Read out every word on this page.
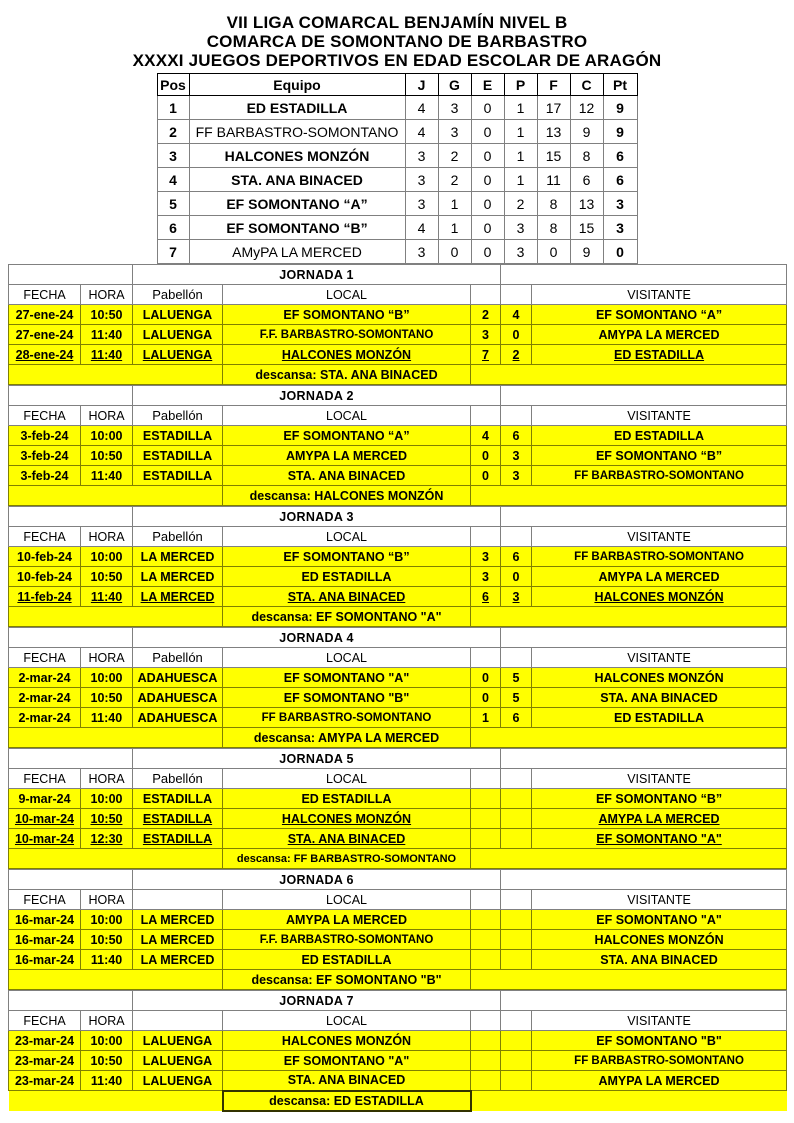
VII LIGA COMARCAL BENJAMÍN NIVEL B
COMARCA DE SOMONTANO DE BARBASTRO
XXXXI JUEGOS DEPORTIVOS EN EDAD ESCOLAR DE ARAGÓN
Pos	Equipo	J	G	E	P	F	C	Pt
1	ED ESTADILLA	4	3	0	1	17	12	9
2	FF BARBASTRO-SOMONTANO	4	3	0	1	13	9	9
3	HALCONES MONZÓN	3	2	0	1	15	8	6
4	STA. ANA BINACED	3	2	0	1	11	6	6
5	EF SOMONTANO “A”	3	1	0	2	8	13	3
6	EF SOMONTANO “B”	4	1	0	3	8	15	3
7	AMyPA LA MERCED	3	0	0	3	0	9	0
		JORNADA 1				
FECHA	HORA	Pabellón	LOCAL			VISITANTE
27-ene-24	10:50	LALUENGA	EF SOMONTANO “B”	2	4	EF SOMONTANO “A”
27-ene-24	11:40	LALUENGA	F.F. BARBASTRO-SOMONTANO	3	0	AMYPA LA MERCED
28-ene-24	11:40	LALUENGA	HALCONES MONZÓN	7	2	ED ESTADILLA
			descansa: STA. ANA BINACED			
		JORNADA 2				
FECHA	HORA	Pabellón	LOCAL			VISITANTE
3-feb-24	10:00	ESTADILLA	EF SOMONTANO “A”	4	6	ED ESTADILLA
3-feb-24	10:50	ESTADILLA	AMYPA LA MERCED	0	3	EF SOMONTANO “B”
3-feb-24	11:40	ESTADILLA	STA. ANA BINACED	0	3	FF BARBASTRO-SOMONTANO
			descansa: HALCONES MONZÓN			
		JORNADA 3				
FECHA	HORA	Pabellón	LOCAL			VISITANTE
10-feb-24	10:00	LA MERCED	EF SOMONTANO “B”	3	6	FF BARBASTRO-SOMONTANO
10-feb-24	10:50	LA MERCED	ED ESTADILLA	3	0	AMYPA LA MERCED
11-feb-24	11:40	LA MERCED	STA. ANA BINACED	6	3	HALCONES MONZÓN
			descansa: EF SOMONTANO "A"			
		JORNADA 4				
FECHA	HORA	Pabellón	LOCAL			VISITANTE
2-mar-24	10:00	ADAHUESCA	EF SOMONTANO "A"	0	5	HALCONES MONZÓN
2-mar-24	10:50	ADAHUESCA	EF SOMONTANO "B"	0	5	STA. ANA BINACED
2-mar-24	11:40	ADAHUESCA	FF BARBASTRO-SOMONTANO	1	6	ED ESTADILLA
			descansa: AMYPA LA MERCED			
		JORNADA 5				
FECHA	HORA	Pabellón	LOCAL			VISITANTE
9-mar-24	10:00	ESTADILLA	ED ESTADILLA			EF SOMONTANO “B”
10-mar-24	10:50	ESTADILLA	HALCONES MONZÓN			AMYPA LA MERCED
10-mar-24	12:30	ESTADILLA	STA. ANA BINACED			EF SOMONTANO "A"
			descansa: FF BARBASTRO-SOMONTANO			
		JORNADA 6				
FECHA	HORA		LOCAL			VISITANTE
16-mar-24	10:00	LA MERCED	AMYPA LA MERCED			EF SOMONTANO "A"
16-mar-24	10:50	LA MERCED	F.F. BARBASTRO-SOMONTANO			HALCONES MONZÓN
16-mar-24	11:40	LA MERCED	ED ESTADILLA			STA. ANA BINACED
			descansa: EF SOMONTANO "B"			
		JORNADA 7				
FECHA	HORA		LOCAL			VISITANTE
23-mar-24	10:00	LALUENGA	HALCONES MONZÓN			EF SOMONTANO "B"
23-mar-24	10:50	LALUENGA	EF SOMONTANO "A"			FF BARBASTRO-SOMONTANO
23-mar-24	11:40	LALUENGA	STA. ANA BINACED			AMYPA LA MERCED
			descansa: ED ESTADILLA			
